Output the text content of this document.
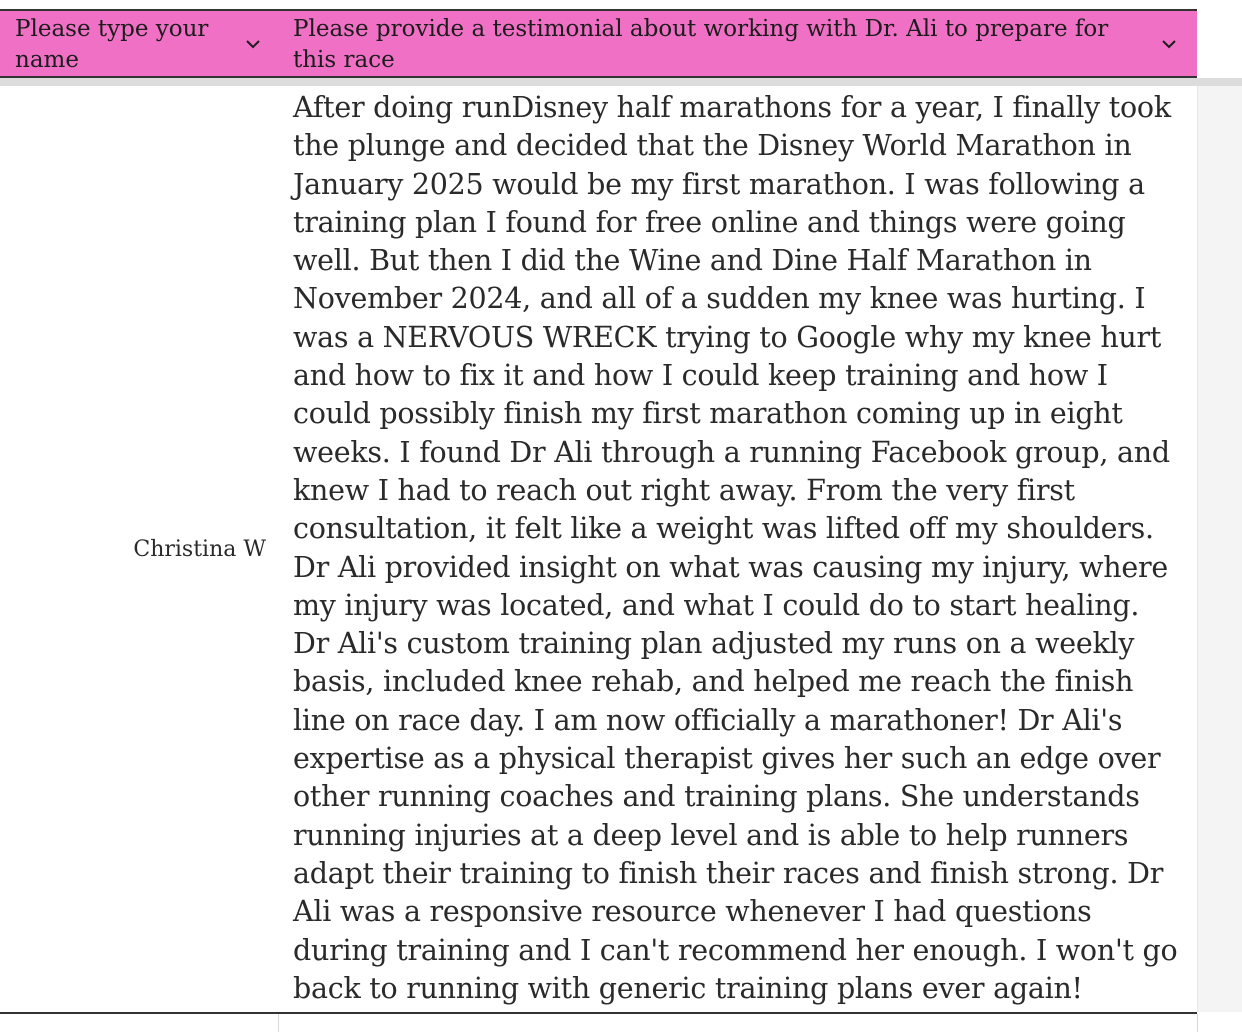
Please type your name
Please provide a testimonial about working with Dr. Ali to prepare for this race
Christina W
After doing runDisney half marathons for a year, I finally took the plunge and decided that the Disney World Marathon in January 2025 would be my first marathon. I was following a training plan I found for free online and things were going well. But then I did the Wine and Dine Half Marathon in November 2024, and all of a sudden my knee was hurting. I was a NERVOUS WRECK trying to Google why my knee hurt and how to fix it and how I could keep training and how I could possibly finish my first marathon coming up in eight weeks. I found Dr Ali through a running Facebook group, and knew I had to reach out right away. From the very first consultation, it felt like a weight was lifted off my shoulders. Dr Ali provided insight on what was causing my injury, where my injury was located, and what I could do to start healing. Dr Ali's custom training plan adjusted my runs on a weekly basis, included knee rehab, and helped me reach the finish line on race day. I am now officially a marathoner! Dr Ali's expertise as a physical therapist gives her such an edge over other running coaches and training plans. She understands running injuries at a deep level and is able to help runners adapt their training to finish their races and finish strong. Dr Ali was a responsive resource whenever I had questions during training and I can't recommend her enough. I won't go back to running with generic training plans ever again!
